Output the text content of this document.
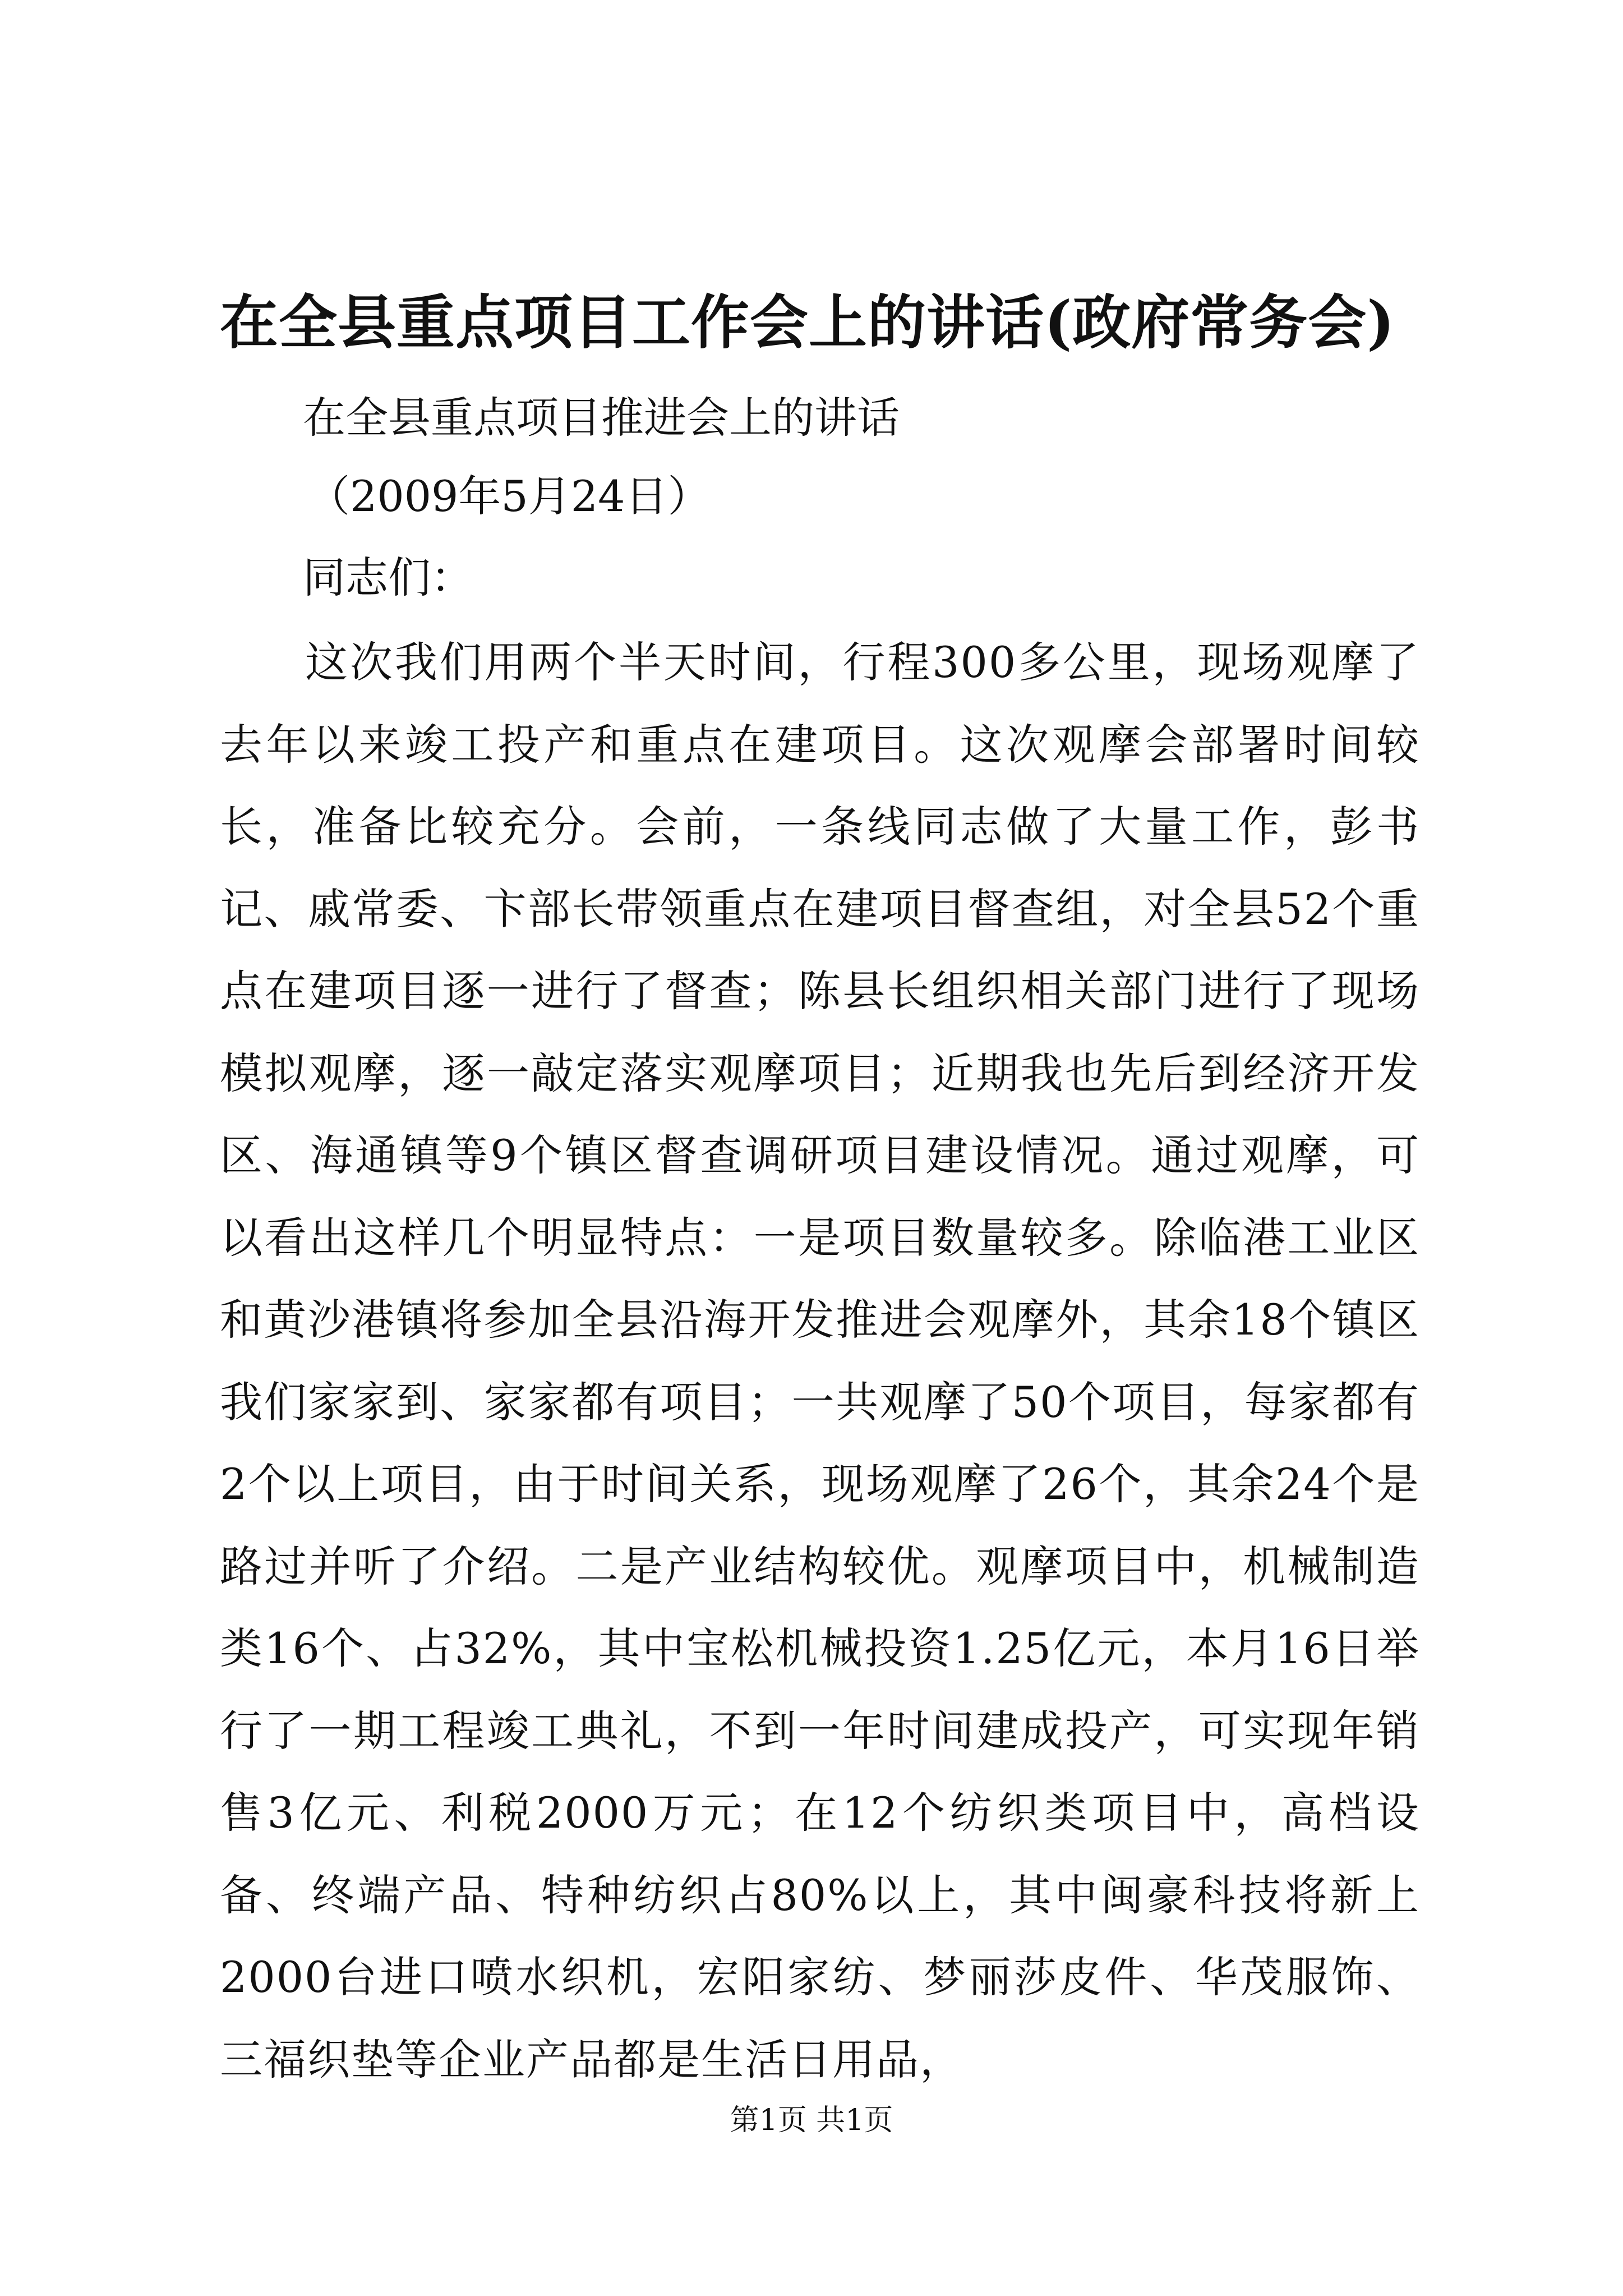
在全县重点项目工作会上的讲话(政府常务会)

在全县重点项目推进会上的讲话

（2009年5月24日）

同志们：

这次我们用两个半天时间，行程300多公里，现场观摩了去年以来竣工投产和重点在建项目。这次观摩会部署时间较长，准备比较充分。会前，一条线同志做了大量工作，彭书记、戚常委、卞部长带领重点在建项目督查组，对全县52个重点在建项目逐一进行了督查；陈县长组织相关部门进行了现场模拟观摩，逐一敲定落实观摩项目；近期我也先后到经济开发区、海通镇等9个镇区督查调研项目建设情况。通过观摩，可以看出这样几个明显特点：一是项目数量较多。除临港工业区和黄沙港镇将参加全县沿海开发推进会观摩外，其余18个镇区我们家家到、家家都有项目；一共观摩了50个项目，每家都有2个以上项目，由于时间关系，现场观摩了26个，其余24个是路过并听了介绍。二是产业结构较优。观摩项目中，机械制造类16个、占32%，其中宝松机械投资1.25亿元，本月16日举行了一期工程竣工典礼，不到一年时间建成投产，可实现年销售3亿元、利税2000万元；在12个纺织类项目中，高档设备、终端产品、特种纺织占80%以上，其中闽豪科技将新上2000台进口喷水织机，宏阳家纺、梦丽莎皮件、华茂服饰、三福织垫等企业产品都是生活日用品，

第1页 共1页
